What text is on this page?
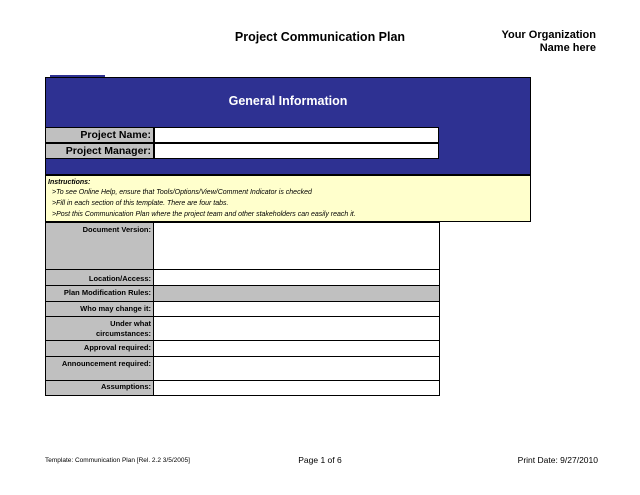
Project Communication Plan	Your Organization
Name here
General Information
Project Name:
Project Manager:
Instructions:
>To see Online Help, ensure that Tools/Options/View/Comment Indicator is checked
>Fill in each section of this template. There are four tabs.
>Post this Communication Plan where the project team and other stakeholders can easily reach it.
Document Version:
Location/Access:
Plan Modification Rules:
Who may change it:
Under what circumstances:
Approval required:
Announcement required:
Assumptions:
Template: Communication Plan [Rel. 2.2 3/5/2005]	Page 1 of 6	Print Date: 9/27/2010
